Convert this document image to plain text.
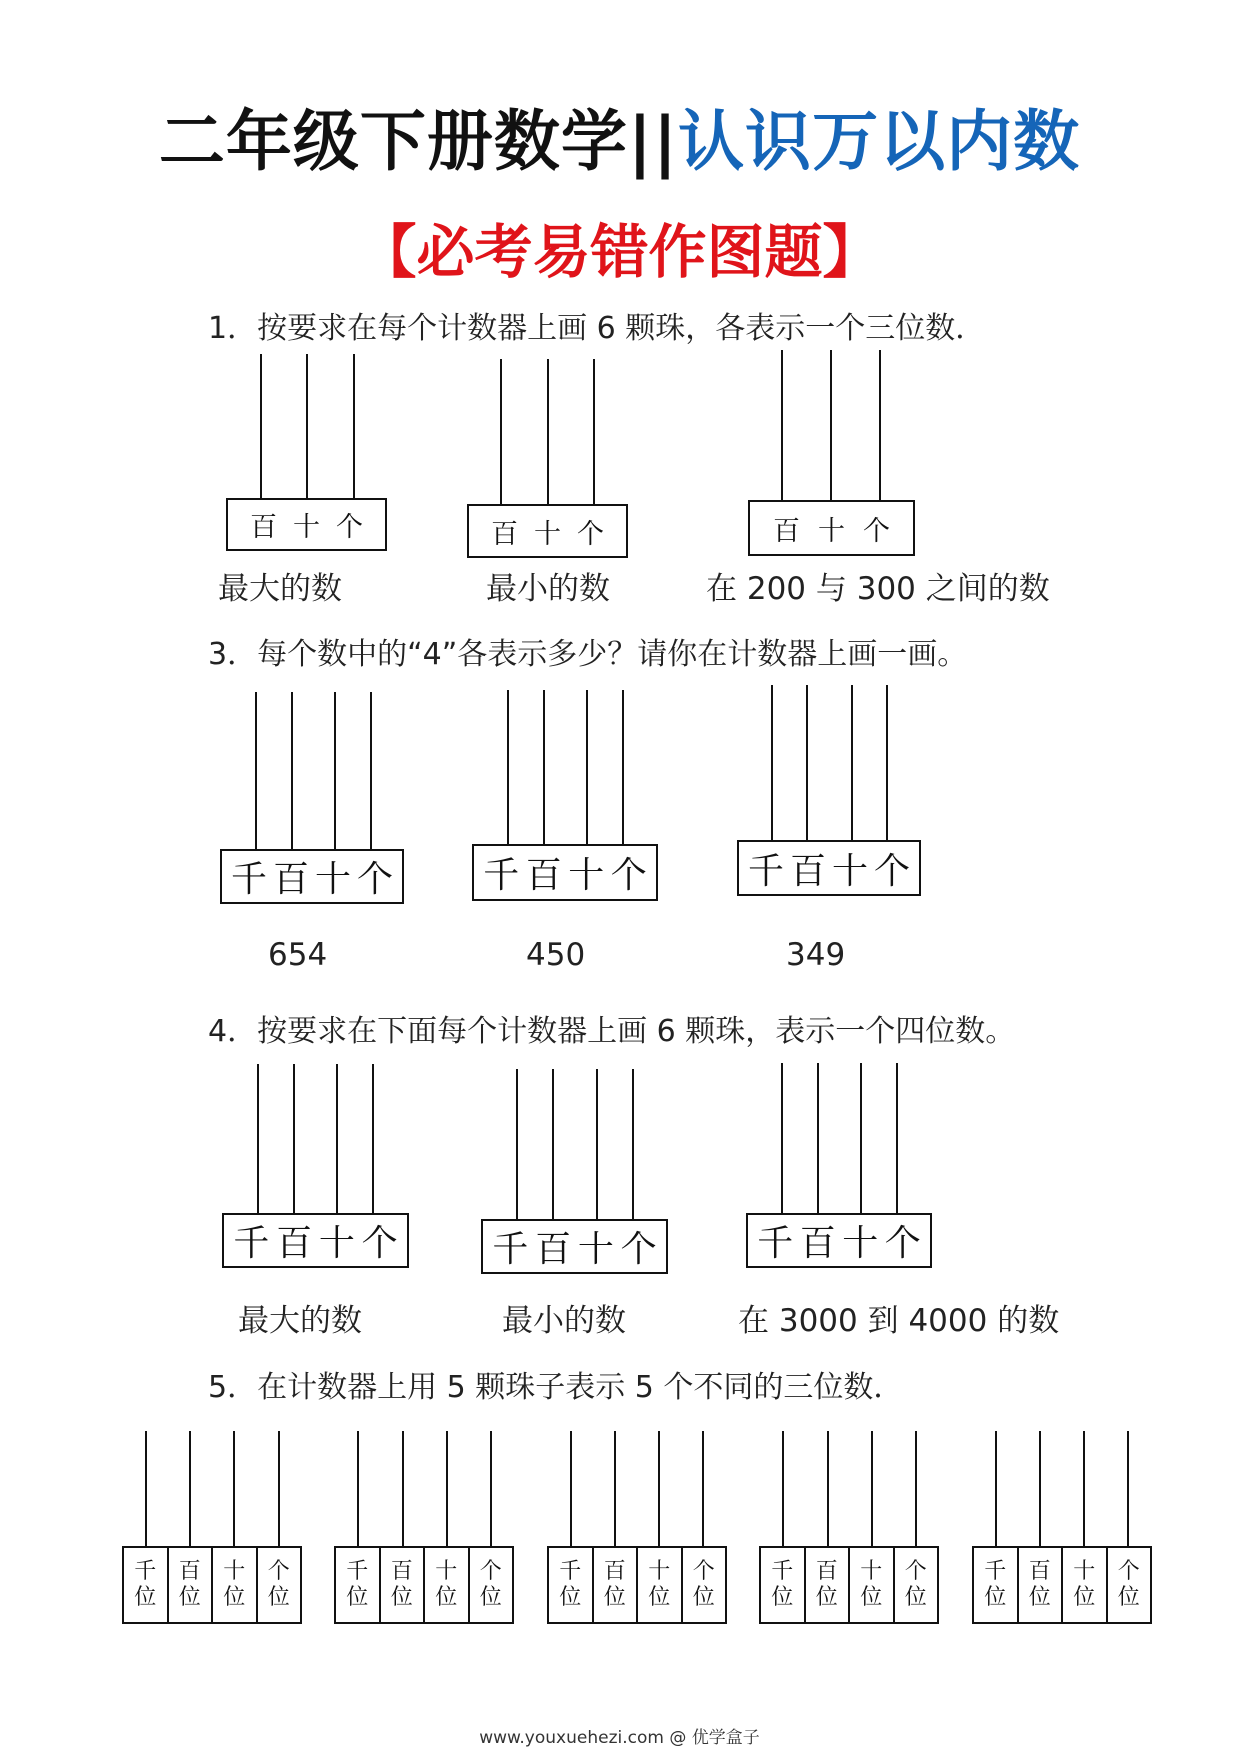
二年级下册数学||认识万以内数
【必考易错作图题】
1．按要求在每个计数器上画 6 颗珠，各表示一个三位数．
百 十 个
最大的数
百 十 个
最小的数
百 十 个
在 200 与 300 之间的数
3．每个数中的“4”各表示多少？请你在计数器上画一画。
千 百 十 个
654
千 百 十 个
450
千 百 十 个
349
4．按要求在下面每个计数器上画 6 颗珠，表示一个四位数。
千 百 十 个
最大的数
千 百 十 个
最小的数
千 百 十 个
在 3000 到 4000 的数
5．在计数器上用 5 颗珠子表示 5 个不同的三位数．
千
位
百
位
十
位
个
位
千
位
百
位
十
位
个
位
千
位
百
位
十
位
个
位
千
位
百
位
十
位
个
位
千
位
百
位
十
位
个
位
www.youxuehezi.com @ 优学盒子
